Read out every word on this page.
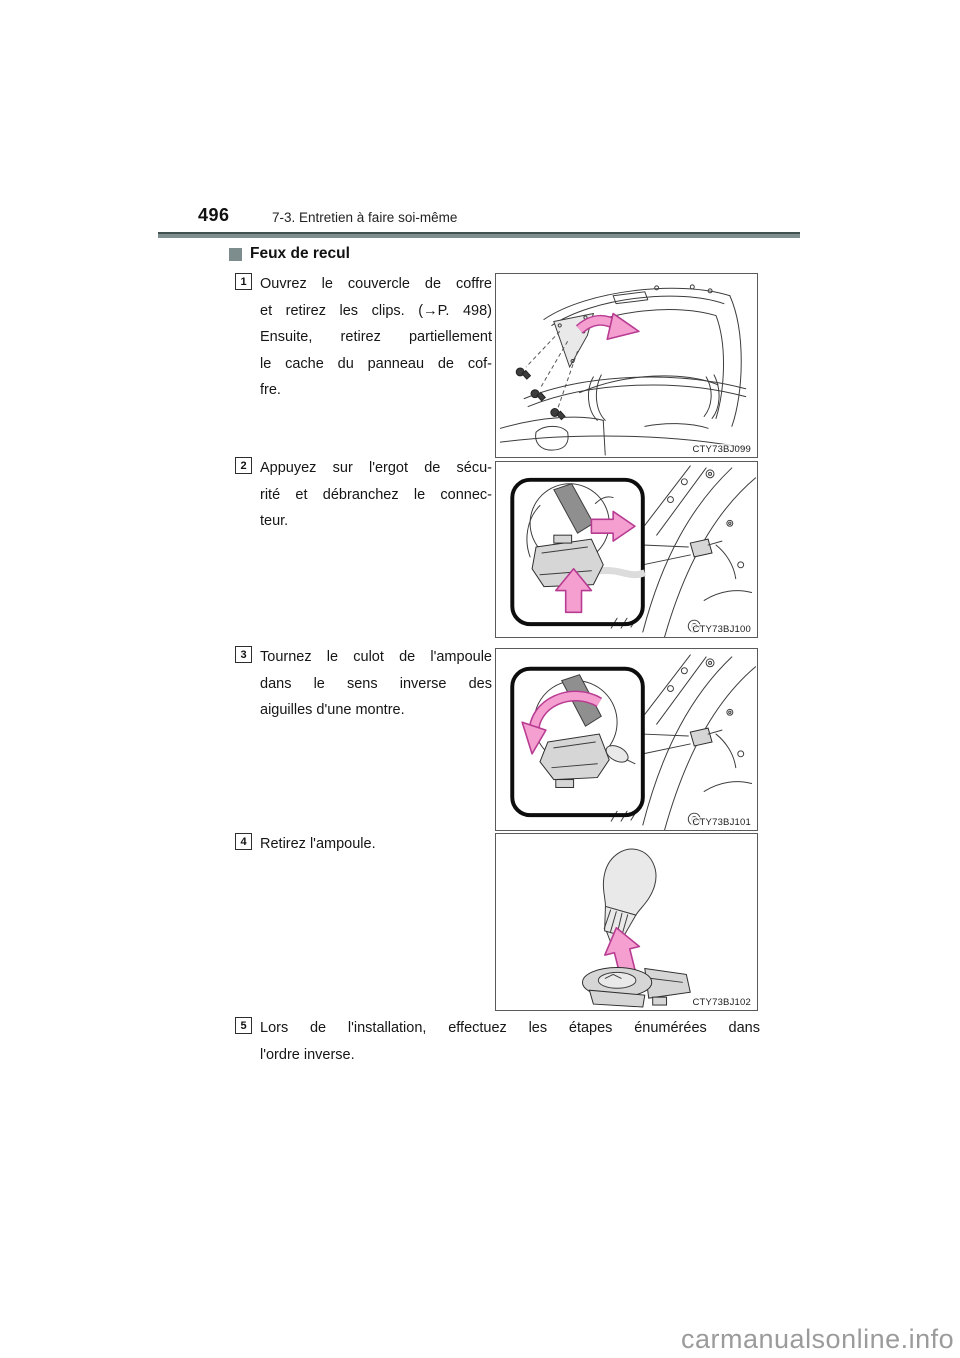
496	7-3. Entretien à faire soi-même
Feux de recul
1 Ouvrez le couvercle de coffre
et retirez les clips. (→P. 498)
Ensuite, retirez partiellement
le cache du panneau de cof-
fre.
2 Appuyez sur l'ergot de sécu-
rité et débranchez le connec-
teur.
3 Tournez le culot de l'ampoule
dans le sens inverse des
aiguilles d'une montre.
4 Retirez l'ampoule.
5 Lors de l'installation, effectuez les étapes énumérées dans
l'ordre inverse.
CTY73BJ099
CTY73BJ100
CTY73BJ101
CTY73BJ102
carmanualsonline.info
